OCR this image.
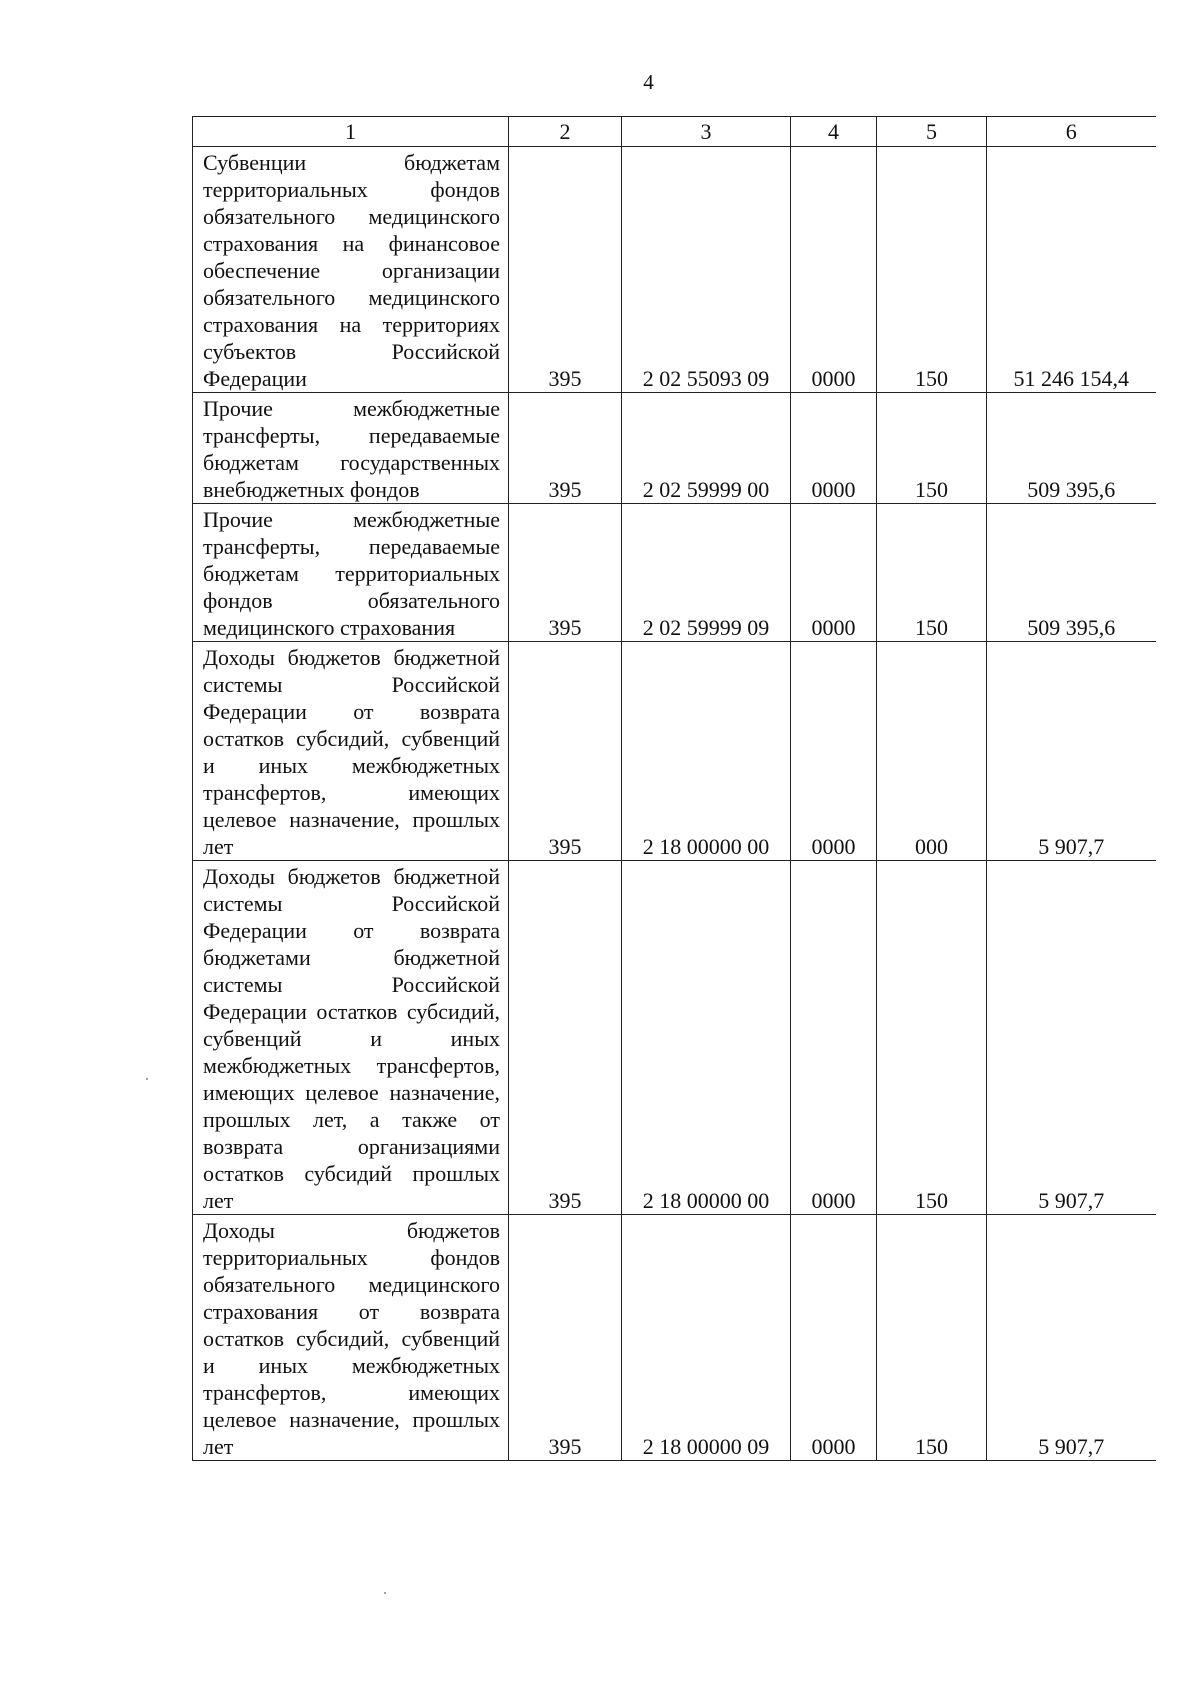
4
1	2	3	4	5	6
Субвенции бюджетам территориальных фондов обязательного медицинского страхования на финансовое обеспечение организации обязательного медицинского страхования на территориях субъектов Российской Федерации	395	2 02 55093 09	0000	150	51 246 154,4
Прочие межбюджетные трансферты, передаваемые бюджетам государственных внебюджетных фондов	395	2 02 59999 00	0000	150	509 395,6
Прочие межбюджетные трансферты, передаваемые бюджетам территориальных фондов обязательного медицинского страхования	395	2 02 59999 09	0000	150	509 395,6
Доходы бюджетов бюджетной системы Российской Федерации от возврата остатков субсидий, субвенций и иных межбюджетных трансфертов, имеющих целевое назначение, прошлых лет	395	2 18 00000 00	0000	000	5 907,7
Доходы бюджетов бюджетной системы Российской Федерации от возврата бюджетами бюджетной системы Российской Федерации остатков субсидий, субвенций и иных межбюджетных трансфертов, имеющих целевое назначение, прошлых лет, а также от возврата организациями остатков субсидий прошлых лет	395	2 18 00000 00	0000	150	5 907,7
Доходы бюджетов территориальных фондов обязательного медицинского страхования от возврата остатков субсидий, субвенций и иных межбюджетных трансфертов, имеющих целевое назначение, прошлых лет	395	2 18 00000 09	0000	150	5 907,7
